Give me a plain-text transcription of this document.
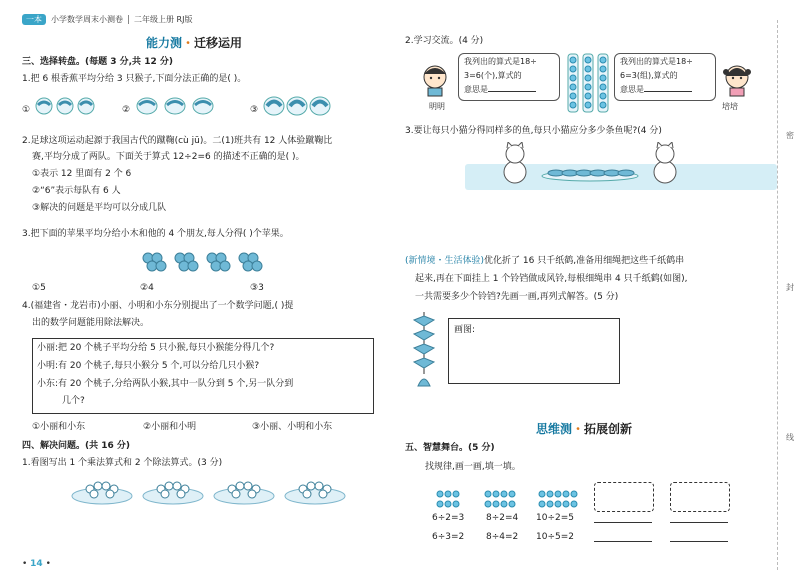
一本	小学数学周末小测卷 二年级上册 RJ版
能力测・迁移运用
三、选择转盘。(每题 3 分,共 12 分)
1.把 6 根香蕉平均分给 3 只猴子,下面分法正确的是( )。
①	②	③
2.足球这项运动起源于我国古代的蹴鞠(cù jū)。二(1)班共有 12 人体验蹴鞠比
赛,平均分成了两队。下面关于算式 12÷2=6 的描述不正确的是( )。
①表示 12 里面有 2 个 6
②“6”表示每队有 6 人
③解决的问题是平均可以分成几队
3.把下面的苹果平均分给小木和他的 4 个朋友,每人分得( )个苹果。
①5	②4	③3
4.(福建省・龙岩市)小丽、小明和小东分别提出了一个数学问题,( )提
出的数学问题能用除法解决。
小丽:把 20 个桃子平均分给 5 只小猴,每只小猴能分得几个?
小明:有 20 个桃子,每只小猴分 5 个,可以分给几只小猴?
小东:有 20 个桃子,分给两队小猴,其中一队分到 5 个,另一队分到
几个?
①小丽和小东	②小丽和小明	③小丽、小明和小东
四、解决问题。(共 16 分)
1.看图写出 1 个乘法算式和 2 个除法算式。(3 分)
• 14 •
2.学习交流。(4 分)
明明
我列出的算式是18÷
3=6(个),算式的
意思是
我列出的算式是18÷
6=3(组),算式的
意思是
培培
3.要让每只小猫分得同样多的鱼,每只小猫应分多少条鱼呢?(4 分)
(新情境・生活体验)优化折了 16 只千纸鹤,准备用细绳把这些千纸鹤串
起来,再在下面挂上 1 个铃铛做成风铃,每根细绳串 4 只千纸鹤(如图),
一共需要多少个铃铛?先画一画,再列式解答。(5 分)
画图:
思维测・拓展创新
五、智慧舞台。(5 分)
找规律,画一画,填一填。
6÷2=3 8÷2=4 10÷2=5
6÷3=2 8÷4=2 10÷5=2
密
封
线
